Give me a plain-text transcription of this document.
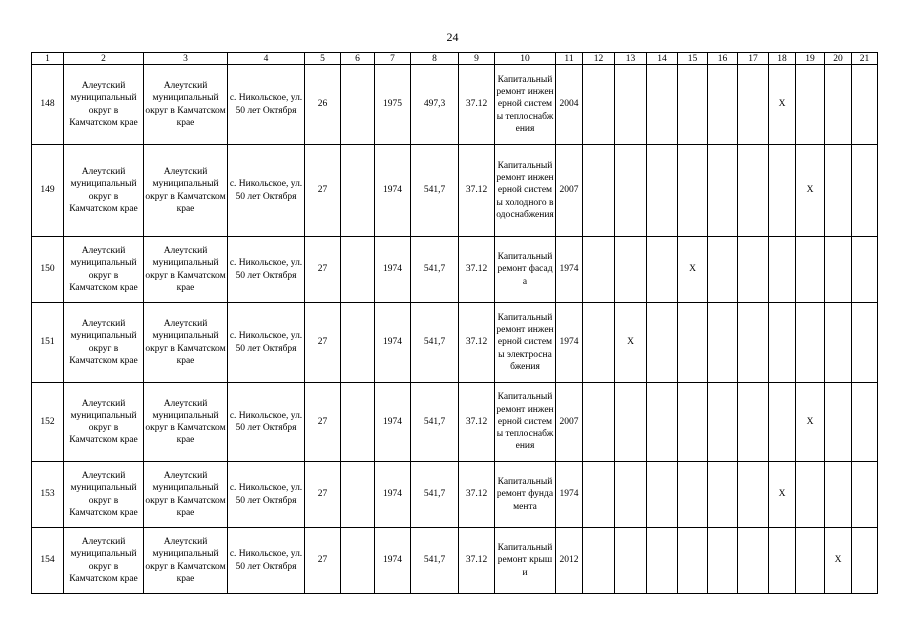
24
1	2	3	4	5	6	7	8	9	10	11	12	13	14	15	16	17	18	19	20	21
148	Алеутский муниципальный округ в Камчатском крае	Алеутский муниципальный округ в Камчатском крае	с. Никольское, ул. 50 лет Октября	26		1975	497,3	37.12	Капитальный ремонт инженерной системы теплоснабжения	2004							X			
149	Алеутский муниципальный округ в Камчатском крае	Алеутский муниципальный округ в Камчатском крае	с. Никольское, ул. 50 лет Октября	27		1974	541,7	37.12	Капитальный ремонт инженерной системы холодного водоснабжения	2007								X		
150	Алеутский муниципальный округ в Камчатском крае	Алеутский муниципальный округ в Камчатском крае	с. Никольское, ул. 50 лет Октября	27		1974	541,7	37.12	Капитальный ремонт фасада	1974				X						
151	Алеутский муниципальный округ в Камчатском крае	Алеутский муниципальный округ в Камчатском крае	с. Никольское, ул. 50 лет Октября	27		1974	541,7	37.12	Капитальный ремонт инженерной системы электроснабжения	1974		X								
152	Алеутский муниципальный округ в Камчатском крае	Алеутский муниципальный округ в Камчатском крае	с. Никольское, ул. 50 лет Октября	27		1974	541,7	37.12	Капитальный ремонт инженерной системы теплоснабжения	2007								X		
153	Алеутский муниципальный округ в Камчатском крае	Алеутский муниципальный округ в Камчатском крае	с. Никольское, ул. 50 лет Октября	27		1974	541,7	37.12	Капитальный ремонт фундамента	1974							X			
154	Алеутский муниципальный округ в Камчатском крае	Алеутский муниципальный округ в Камчатском крае	с. Никольское, ул. 50 лет Октября	27		1974	541,7	37.12	Капитальный ремонт крыши	2012									X	
